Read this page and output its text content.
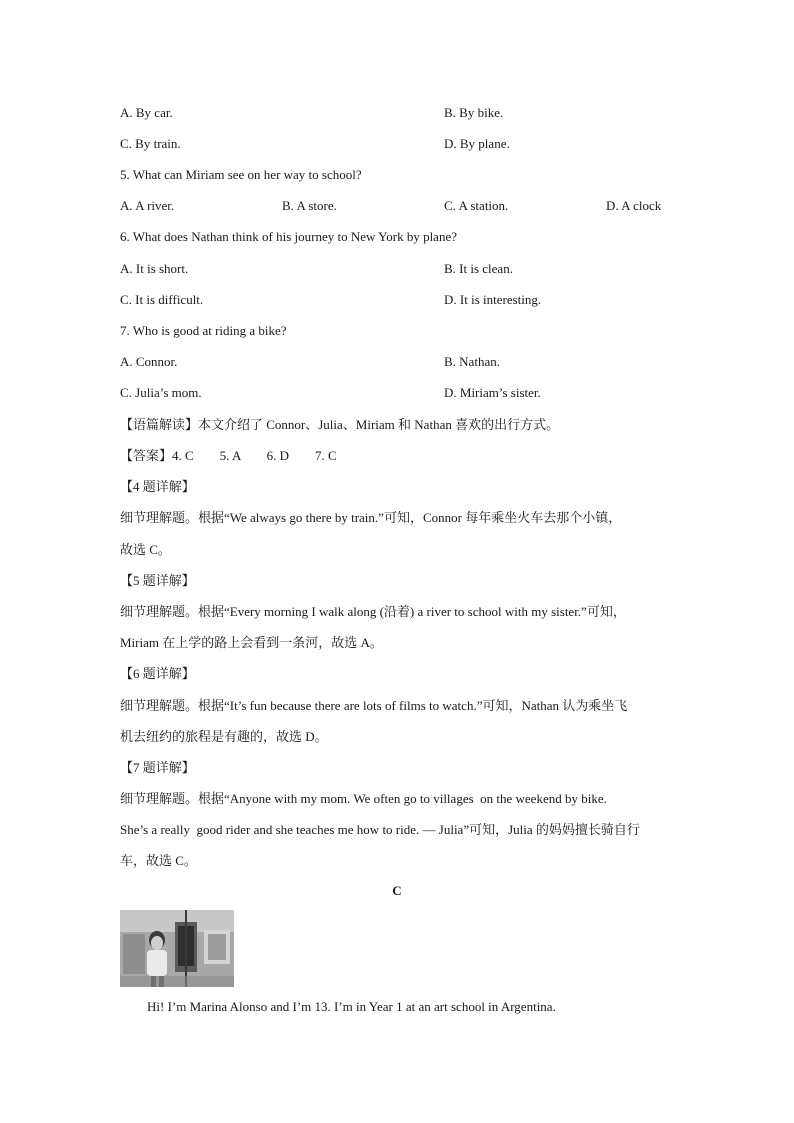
A. By car.	B. By bike.
C. By train.	D. By plane.
5. What can Miriam see on her way to school?
A. A river.	B. A store.	C. A station.	D. A clock
6. What does Nathan think of his journey to New York by plane?
A. It is short.	B. It is clean.
C. It is difficult.	D. It is interesting.
7. Who is good at riding a bike?
A. Connor.	B. Nathan.
C. Julia’s mom.	D. Miriam’s sister.
【语篇解读】本文介绍了 Connor、Julia、Miriam 和 Nathan 喜欢的出行方式。
【答案】4. C        5. A        6. D        7. C
【4 题详解】
细节理解题。根据“We always go there by train.”可知，Connor 每年乘坐火车去那个小镇，
故选 C。
【5 题详解】
细节理解题。根据“Every morning I walk along (沿着) a river to school with my sister.”可知，
Miriam 在上学的路上会看到一条河，故选 A。
【6 题详解】
细节理解题。根据“It’s fun because there are lots of films to watch.”可知，Nathan 认为乘坐飞
机去纽约的旅程是有趣的，故选 D。
【7 题详解】
细节理解题。根据“Anyone with my mom. We often go to villages  on the weekend by bike.
She’s a really  good rider and she teaches me how to ride. — Julia”可知，Julia 的妈妈擅长骑自行
车，故选 C。
C
Hi! I’m Marina Alonso and I’m 13. I’m in Year 1 at an art school in Argentina.
